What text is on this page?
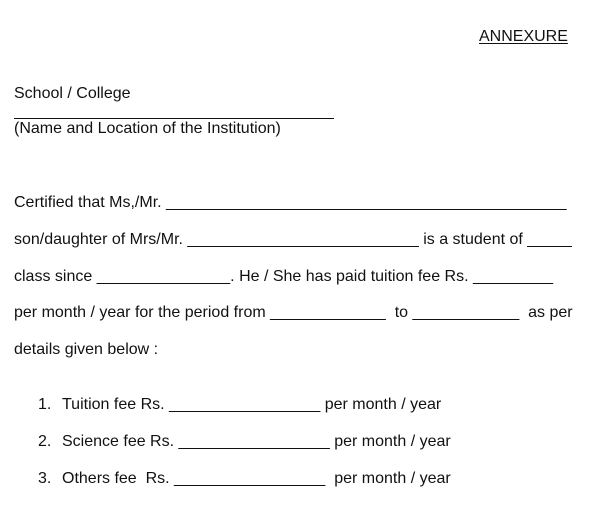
ANNEXURE

School / College

(Name and Location of the Institution)

Certified that Ms,/Mr. _____________________________________________

son/daughter of Mrs/Mr. __________________________ is a student of _____

class since _______________. He / She has paid tuition fee Rs. _________

per month / year for the period from _____________  to ____________  as per

details given below :

1. Tuition fee Rs. _________________ per month / year

2. Science fee Rs. _________________ per month / year

3. Others fee  Rs. _________________  per month / year
